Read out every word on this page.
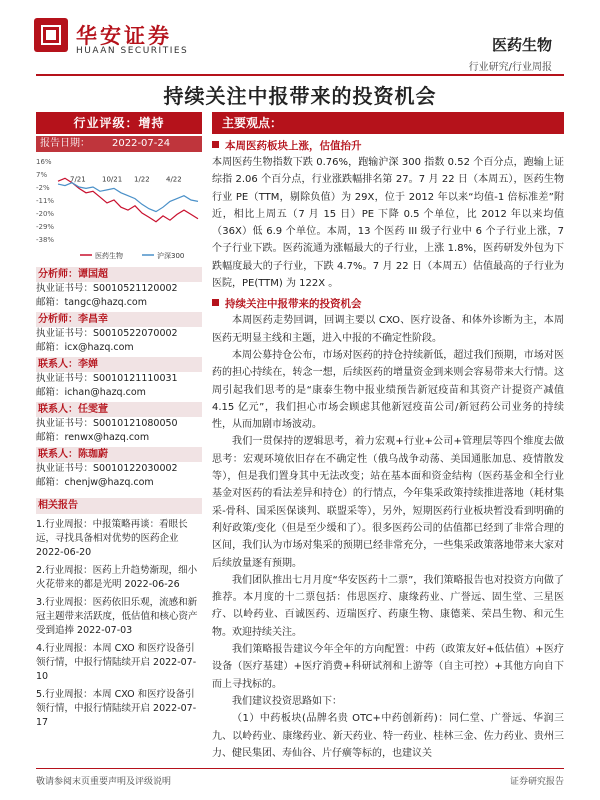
华安证券
HUAAN SECURITIES	医药生物
行业研究/行业周报
持续关注中报带来的投资机会
行业评级：增持
报告日期： 2022-07-24
16%
7%
-2%
-11%
-20%
-29%
-38%
7/21 10/21 1/22 4/22
医药生物	沪深300
分析师：谭国超
执业证书号：S0010521120002
邮箱：tangc@hazq.com
分析师：李昌幸
执业证书号：S0010522070002
邮箱：icx@hazq.com
联系人：李婵
执业证书号：S0010121110031
邮箱：ichan@hazq.com
联系人：任雯萱
执业证书号：S0010121080050
邮箱：renwx@hazq.com
联系人：陈珈蔚
执业证书号：S0010122030002
邮箱：chenjw@hazq.com
相关报告
1.行业周报：中报策略再谈：看眼长远，寻找具备相对优势的医药企业 2022-06-20
2.行业周报：医药上升趋势渐现，细小火花带来的都是光明 2022-06-26
3.行业周报：医药依旧乐观，流感和新冠主题带来活跃度，低估值和核心资产受到追捧 2022-07-03
4.行业周报：本周 CXO 和医疗设备引领行情，中报行情陆续开启 2022-07-10
5.行业周报：本周 CXO 和医疗设备引领行情，中报行情陆续开启 2022-07-17
主要观点：
本周医药板块上涨，估值抬升
本周医药生物指数下跌 0.76%，跑输沪深 300 指数 0.52 个百分点，跑输上证综指 2.06 个百分点，行业涨跌幅排名第 27。7 月 22 日（本周五），医药生物行业 PE（TTM，剔除负值）为 29X，位于 2012 年以来“均值-1 倍标准差”附近，相比上周五（7 月 15 日）PE 下降 0.5 个单位，比 2012 年以来均值（36X）低 6.9 个单位。本周，13 个医药 III 级子行业中 6 个子行业上涨，7 个子行业下跌。医药流通为涨幅最大的子行业，上涨 1.8%，医药研发外包为下跌幅度最大的子行业，下跌 4.7%。7 月 22 日（本周五）估值最高的子行业为医院，PE(TTM) 为 122X 。
持续关注中报带来的投资机会
本周医药走势回调，回调主要以 CXO、医疗设备、和体外诊断为主，本周医药无明显主线和主题，进入中报的不确定性阶段。
本周公募持仓公布，市场对医药的持仓持续新低，超过我们预期，市场对医药的担心持续在，转念一想，后续医药的增量资金到来则会容易带来大行情。这周引起我们思考的是“康泰生物中报业绩预告新冠疫苗和其资产计提资产减值 4.15 亿元”，我们担心市场会顾虑其他新冠疫苗公司/新冠药公司业务的持续性，从而加剧市场波动。
我们一贯保持的逻辑思考，着力宏观+行业+公司+管理层等四个维度去做思考：宏观环境依旧存在不确定性（俄乌战争动荡、美国通胀加息、疫情散发等），但是我们置身其中无法改变；站在基本面和资金结构（医药基金和全行业基金对医药的看法差异和持仓）的行情点，今年集采政策持续推进落地（耗材集采-骨科、国采医保谈判、联盟采等），另外，短期医药行业板块暂没看到明确的利好政策/变化（但是至少缓和了）。很多医药公司的估值都已经到了非常合理的区间，我们认为市场对集采的预期已经非常充分，一些集采政策落地带来大家对后续放量逐有预期。
我们团队推出七月月度“华安医药十二票”，我们策略报告也对投资方向做了推荐。本月度的十二票包括：伟思医疗、康缘药业、广誉远、固生堂、三星医疗、以岭药业、百诚医药、迈瑞医疗、药康生物、康德莱、荣昌生物、和元生物。欢迎持续关注。
我们策略报告建议今年全年的方向配置：中药（政策友好+低估值）+医疗设备（医疗基建）+医疗消费+科研试剂和上游等（自主可控）+其他方向自下而上寻找标的。
我们建议投资思路如下：
（1）中药板块(品牌名贵 OTC+中药创新药)：同仁堂、广誉远、华润三九、以岭药业、康缘药业、新天药业、特一药业、桂林三金、佐力药业、贵州三力、健民集团、寿仙谷、片仔癀等标的，也建议关
敬请参阅末页重要声明及评级说明	证券研究报告
